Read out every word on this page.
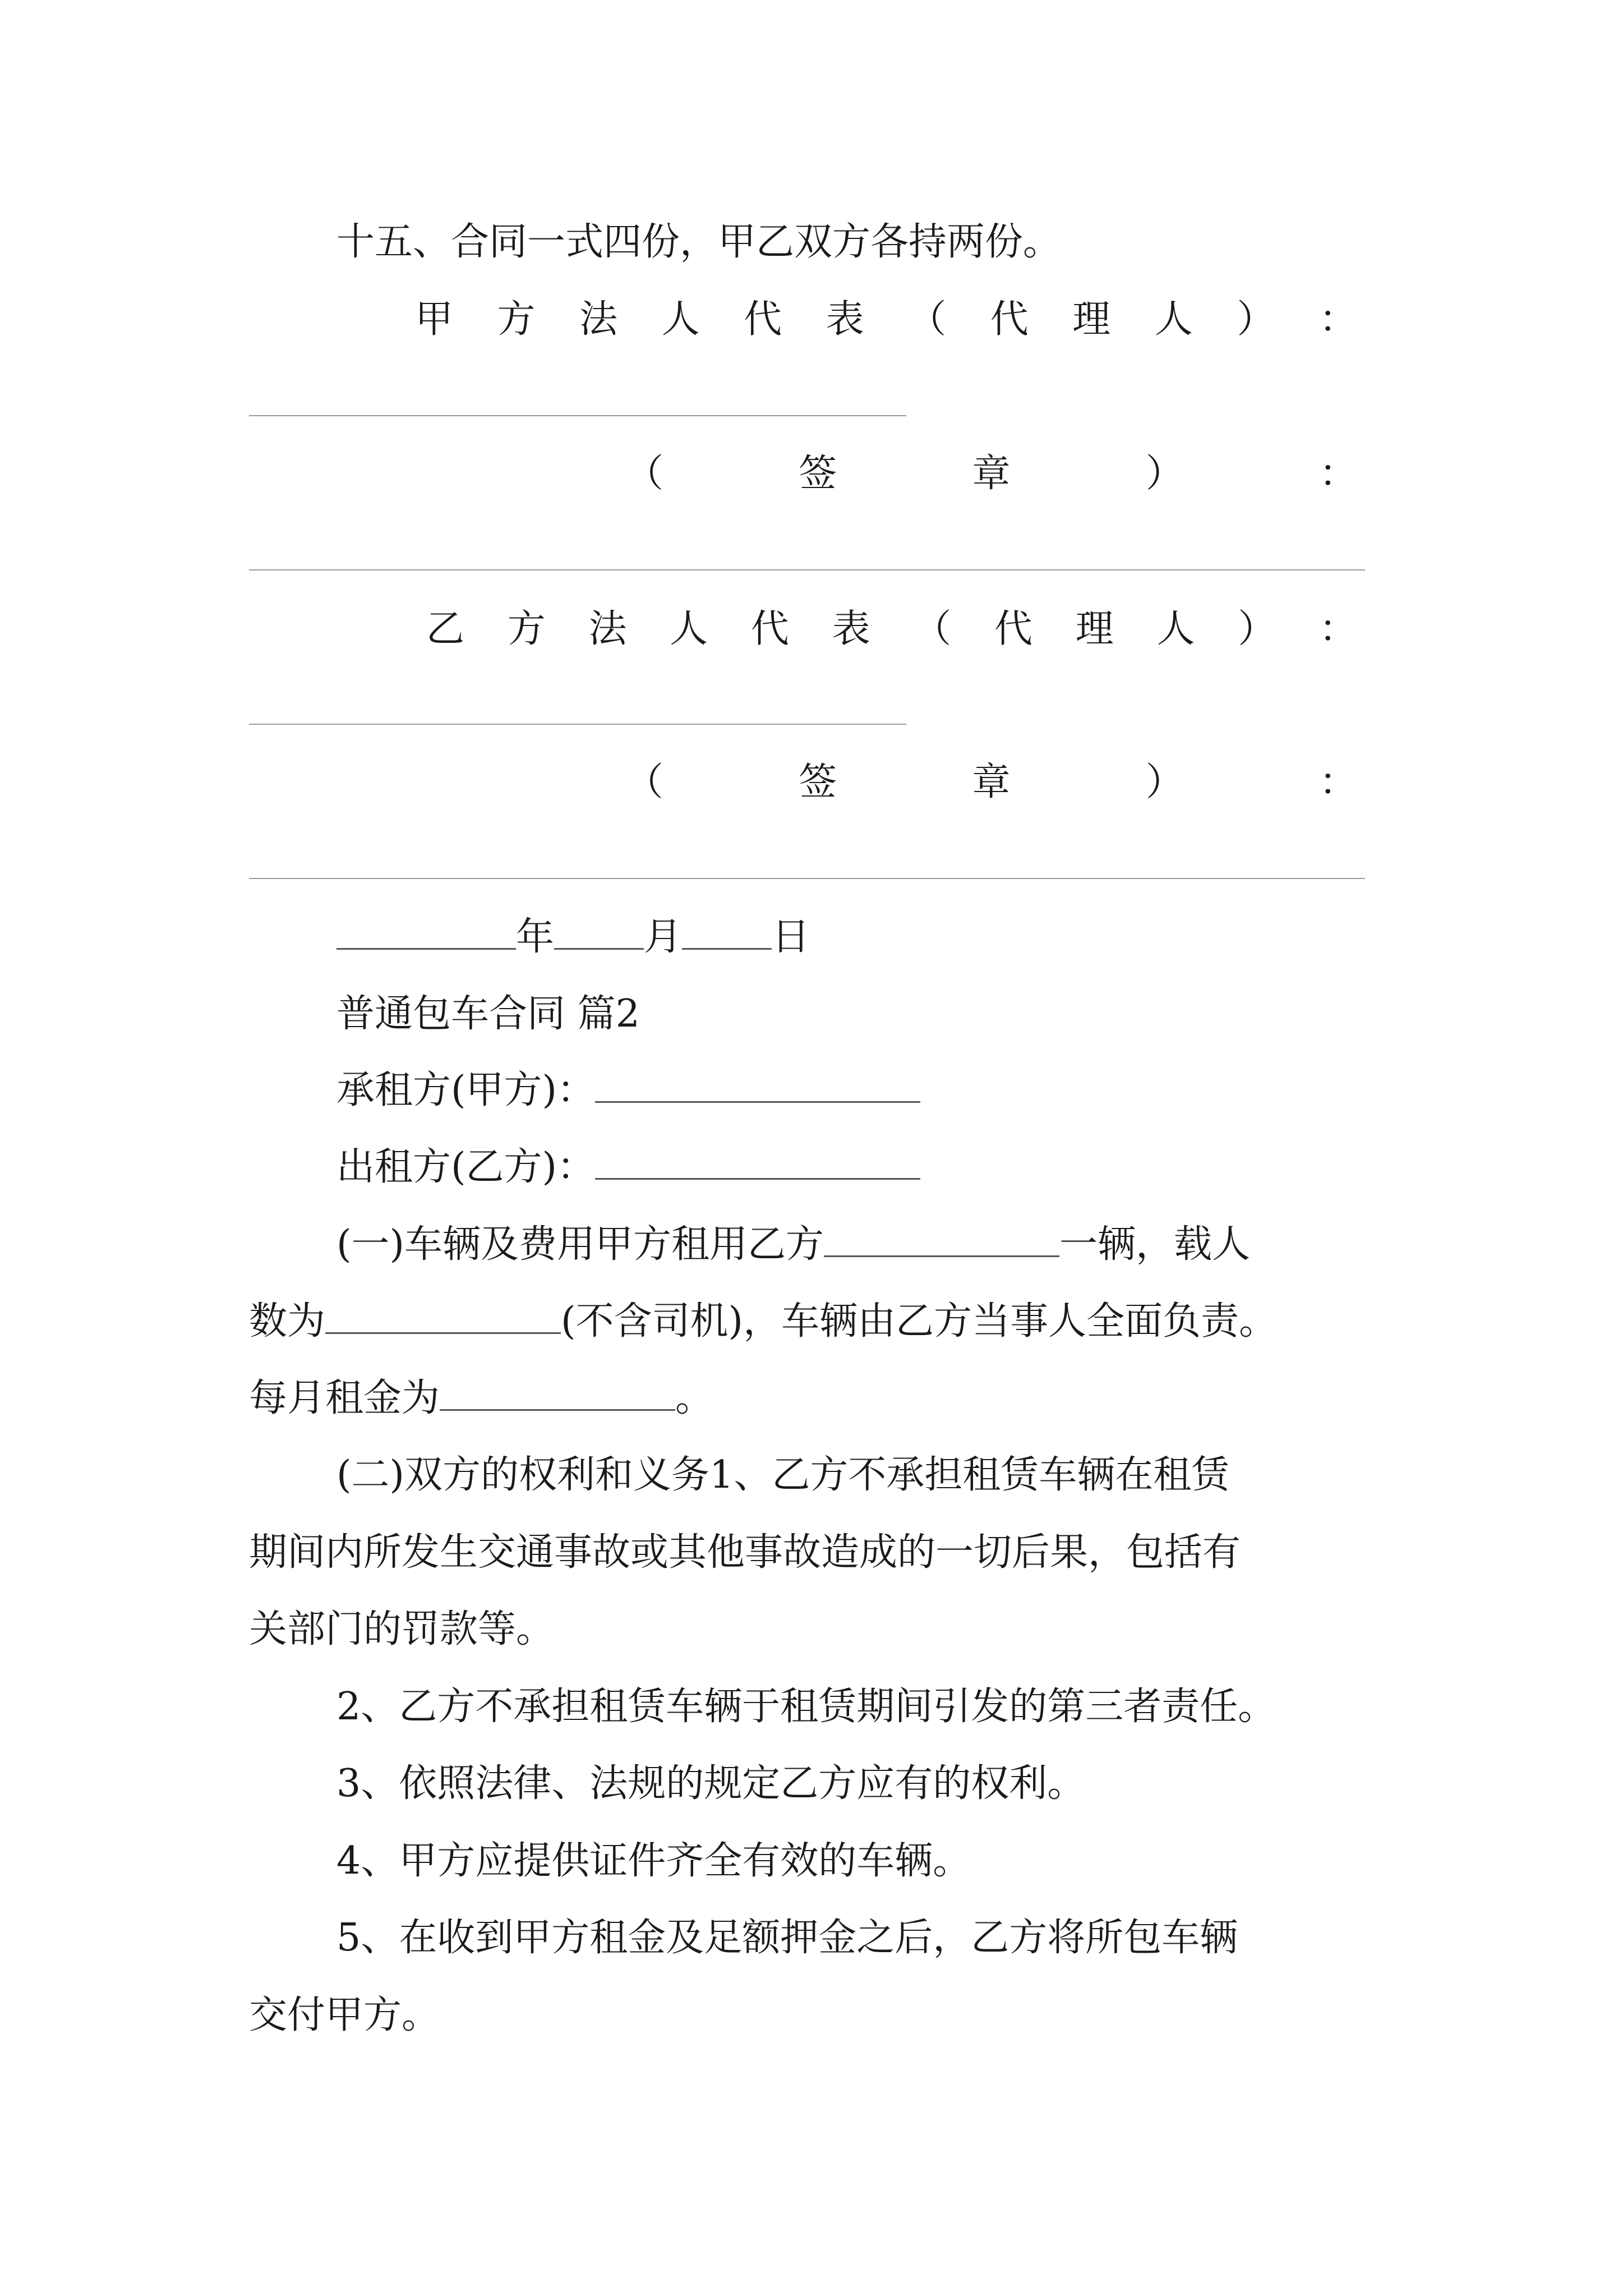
十五、合同一式四份，甲乙双方各持两份。
甲 方 法 人 代 表 （ 代 理 人 ） ：
（	签	章	）	：
乙 方 法 人 代 表 （ 代 理 人 ） ：
（	签	章	）	：
年 月 日
普通包车合同 篇2
承租方(甲方)：
出租方(乙方)：
(一)车辆及费用甲方租用乙方	一辆，载人
数为	(不含司机)，车辆由乙方当事人全面负责。
每月租金为	。
(二)双方的权利和义务1、乙方不承担租赁车辆在租赁
期间内所发生交通事故或其他事故造成的一切后果，包括有
关部门的罚款等。
2、乙方不承担租赁车辆于租赁期间引发的第三者责任。
3、依照法律、法规的规定乙方应有的权利。
4、甲方应提供证件齐全有效的车辆。
5、在收到甲方租金及足额押金之后，乙方将所包车辆
交付甲方。
